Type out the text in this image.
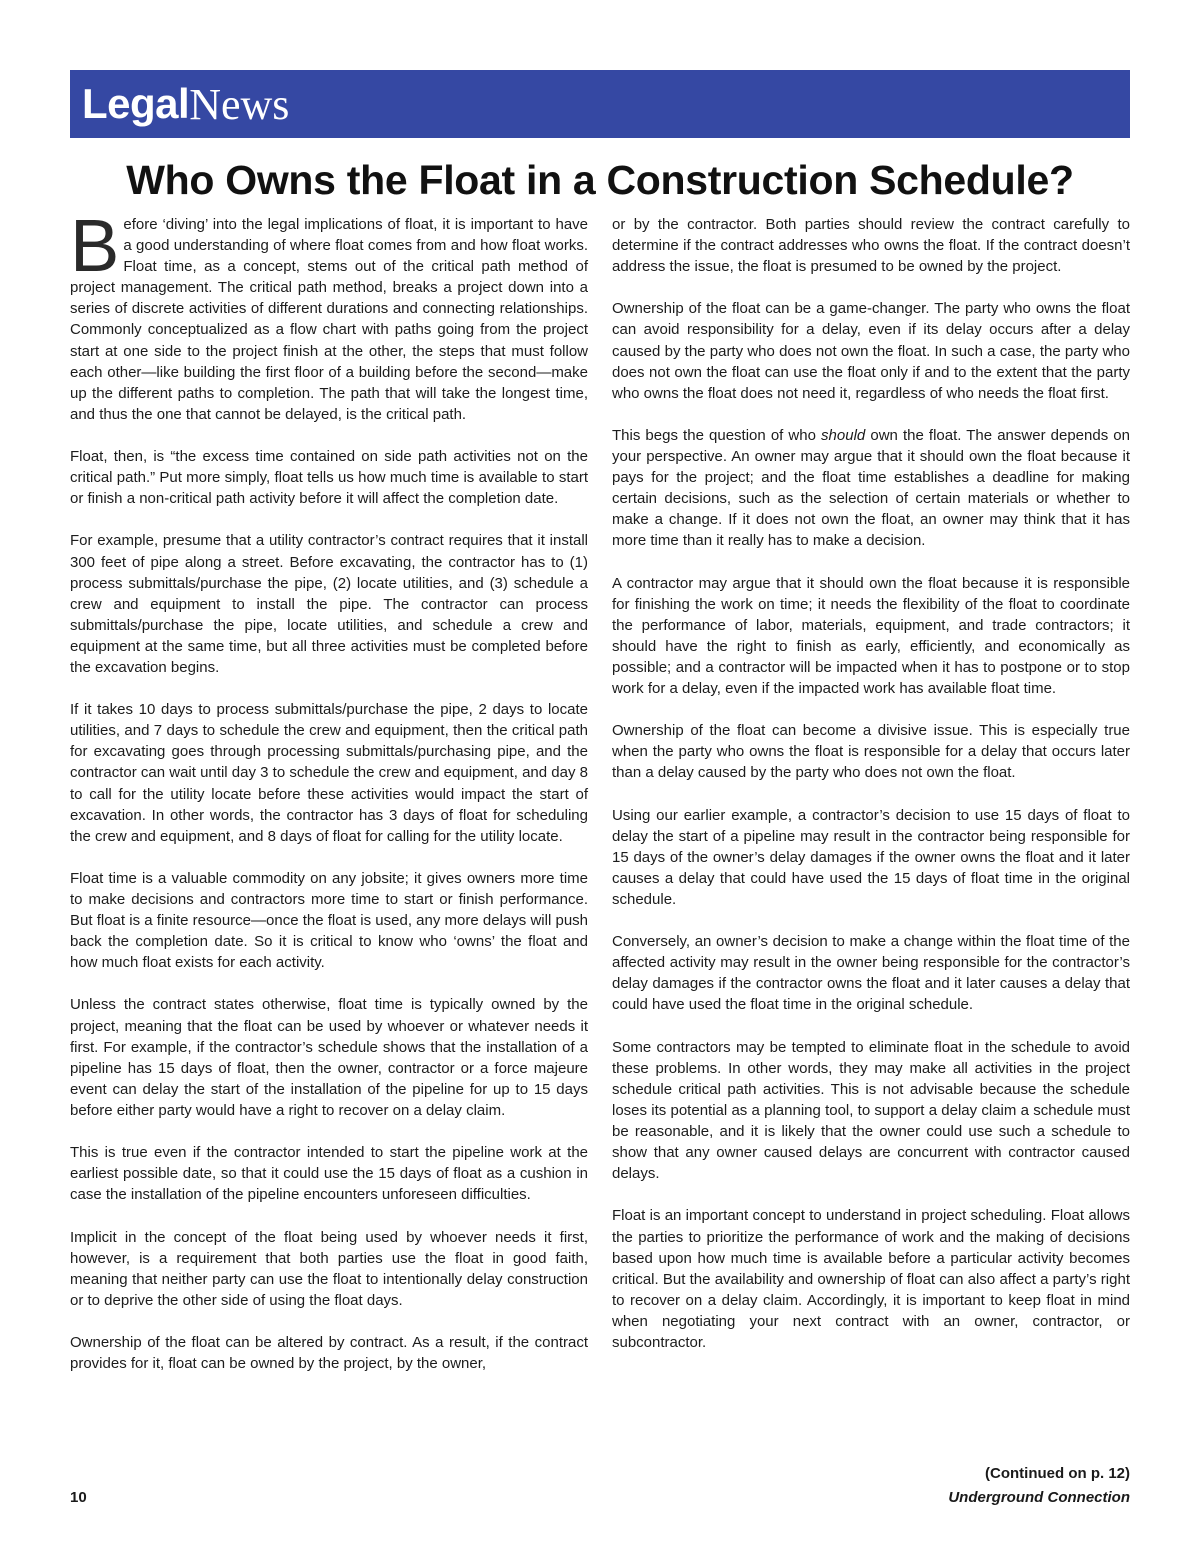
Legal News
Who Owns the Float in a Construction Schedule?

Before ‘diving’ into the legal implications of float, it is important to have a good understanding of where float comes from and how float works. Float time, as a concept, stems out of the critical path method of project management. The critical path method, breaks a project down into a series of discrete activities of different durations and connecting relationships. Commonly conceptualized as a flow chart with paths going from the project start at one side to the project finish at the other, the steps that must follow each other—like building the first floor of a building before the second—make up the different paths to completion. The path that will take the longest time, and thus the one that cannot be delayed, is the critical path.

Float, then, is “the excess time contained on side path activities not on the critical path.” Put more simply, float tells us how much time is available to start or finish a non-critical path activity before it will affect the completion date.

For example, presume that a utility contractor’s contract requires that it install 300 feet of pipe along a street. Before excavating, the contractor has to (1) process submittals/purchase the pipe, (2) locate utilities, and (3) schedule a crew and equipment to install the pipe. The contractor can process submittals/purchase the pipe, locate utilities, and schedule a crew and equipment at the same time, but all three activities must be completed before the excavation begins.

If it takes 10 days to process submittals/purchase the pipe, 2 days to locate utilities, and 7 days to schedule the crew and equipment, then the critical path for excavating goes through processing submittals/purchasing pipe, and the contractor can wait until day 3 to schedule the crew and equipment, and day 8 to call for the utility locate before these activities would impact the start of excavation. In other words, the contractor has 3 days of float for scheduling the crew and equipment, and 8 days of float for calling for the utility locate.

Float time is a valuable commodity on any jobsite; it gives owners more time to make decisions and contractors more time to start or finish performance. But float is a finite resource—once the float is used, any more delays will push back the completion date. So it is critical to know who ‘owns’ the float and how much float exists for each activity.

Unless the contract states otherwise, float time is typically owned by the project, meaning that the float can be used by whoever or whatever needs it first. For example, if the contractor’s schedule shows that the installation of a pipeline has 15 days of float, then the owner, contractor or a force majeure event can delay the start of the installation of the pipeline for up to 15 days before either party would have a right to recover on a delay claim.

This is true even if the contractor intended to start the pipeline work at the earliest possible date, so that it could use the 15 days of float as a cushion in case the installation of the pipeline encounters unforeseen difficulties.

Implicit in the concept of the float being used by whoever needs it first, however, is a requirement that both parties use the float in good faith, meaning that neither party can use the float to intentionally delay construction or to deprive the other side of using the float days.

Ownership of the float can be altered by contract. As a result, if the contract provides for it, float can be owned by the project, by the owner,

or by the contractor. Both parties should review the contract carefully to determine if the contract addresses who owns the float. If the contract doesn’t address the issue, the float is presumed to be owned by the project.

Ownership of the float can be a game-changer. The party who owns the float can avoid responsibility for a delay, even if its delay occurs after a delay caused by the party who does not own the float. In such a case, the party who does not own the float can use the float only if and to the extent that the party who owns the float does not need it, regardless of who needs the float first.

This begs the question of who should own the float. The answer depends on your perspective. An owner may argue that it should own the float because it pays for the project; and the float time establishes a deadline for making certain decisions, such as the selection of certain materials or whether to make a change. If it does not own the float, an owner may think that it has more time than it really has to make a decision.

A contractor may argue that it should own the float because it is responsible for finishing the work on time; it needs the flexibility of the float to coordinate the performance of labor, materials, equipment, and trade contractors; it should have the right to finish as early, efficiently, and economically as possible; and a contractor will be impacted when it has to postpone or to stop work for a delay, even if the impacted work has available float time.

Ownership of the float can become a divisive issue. This is especially true when the party who owns the float is responsible for a delay that occurs later than a delay caused by the party who does not own the float.

Using our earlier example, a contractor’s decision to use 15 days of float to delay the start of a pipeline may result in the contractor being responsible for 15 days of the owner’s delay damages if the owner owns the float and it later causes a delay that could have used the 15 days of float time in the original schedule.

Conversely, an owner’s decision to make a change within the float time of the affected activity may result in the owner being responsible for the contractor’s delay damages if the contractor owns the float and it later causes a delay that could have used the float time in the original schedule.

Some contractors may be tempted to eliminate float in the schedule to avoid these problems. In other words, they may make all activities in the project schedule critical path activities. This is not advisable because the schedule loses its potential as a planning tool, to support a delay claim a schedule must be reasonable, and it is likely that the owner could use such a schedule to show that any owner caused delays are concurrent with contractor caused delays.

Float is an important concept to understand in project scheduling. Float allows the parties to prioritize the performance of work and the making of decisions based upon how much time is available before a particular activity becomes critical. But the availability and ownership of float can also affect a party’s right to recover on a delay claim. Accordingly, it is important to keep float in mind when negotiating your next contract with an owner, contractor, or subcontractor.

(Continued on p. 12)
10	Underground Connection
